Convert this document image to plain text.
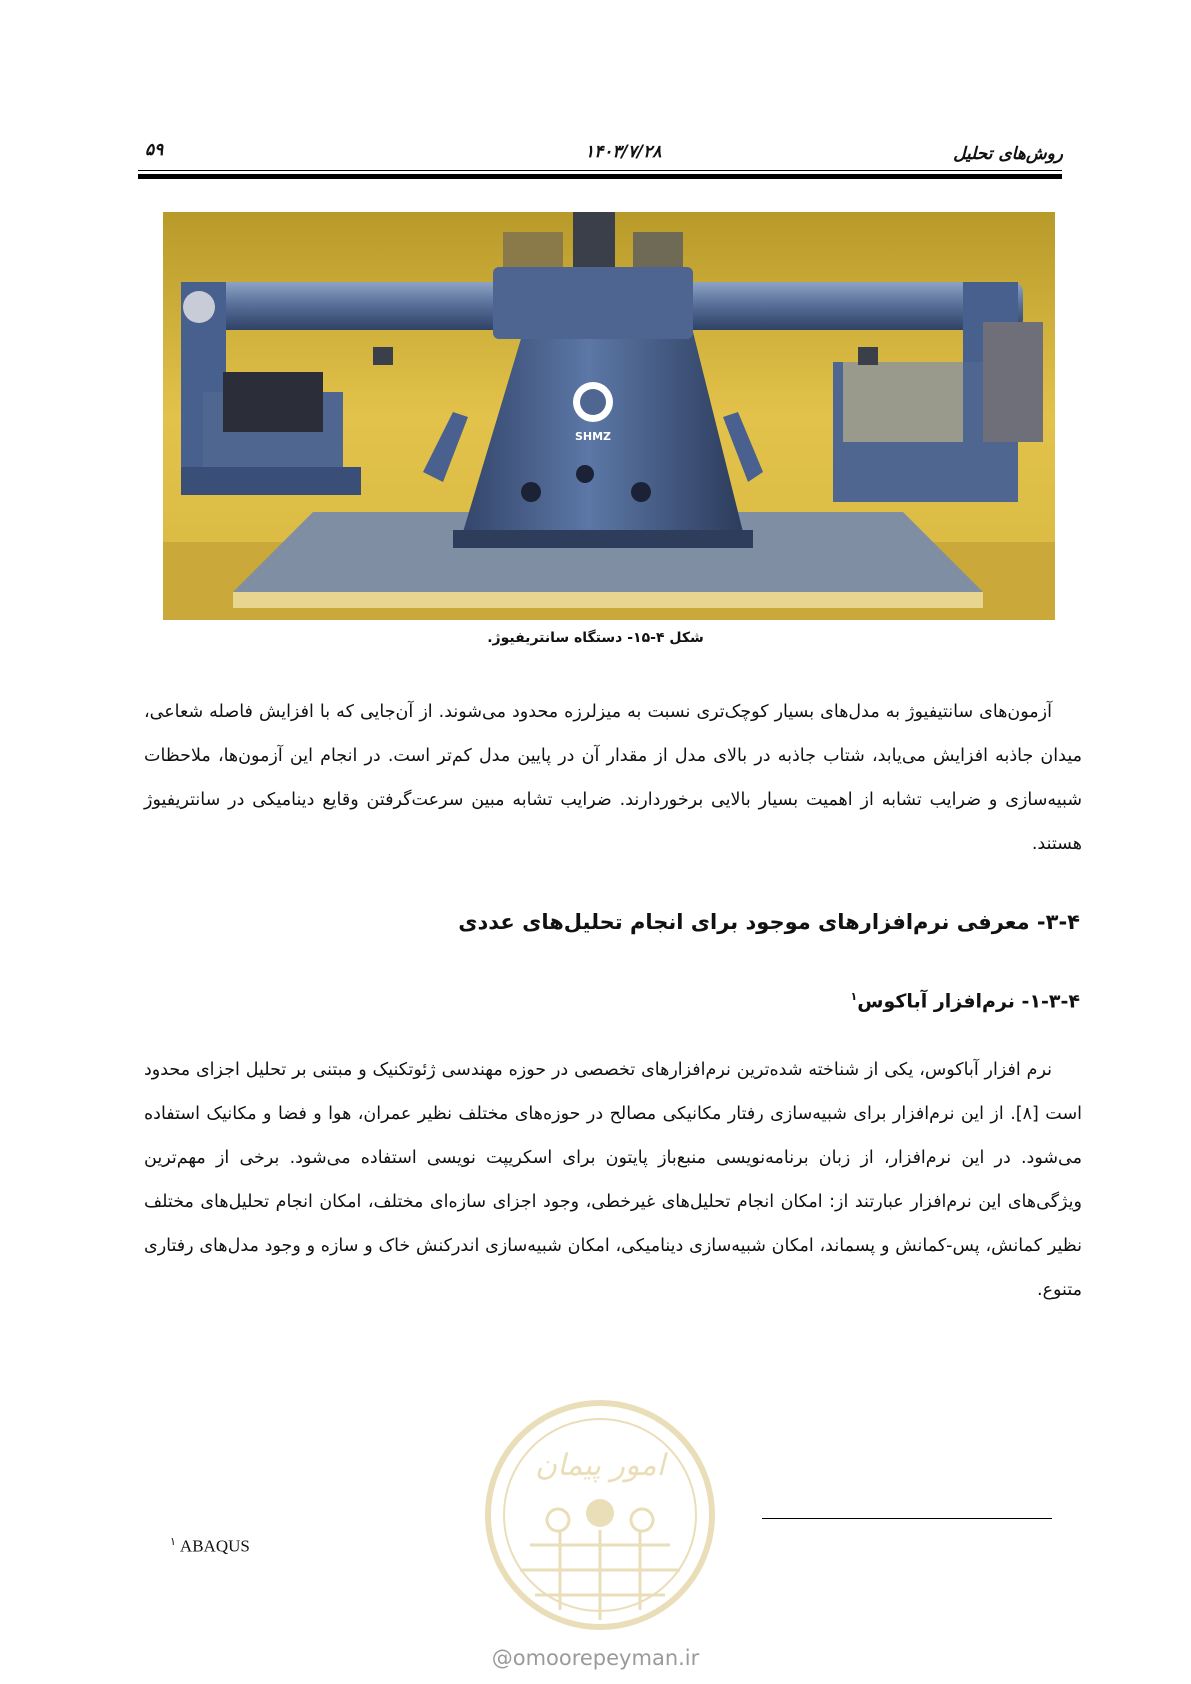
روش‌های تحلیل
۱۴۰۳/۷/۲۸
۵۹
SHMZ
شکل ۴-۱۵- دستگاه سانتریفیوژ.
آزمون‌های سانتیفیوژ به مدل‌های بسیار کوچک‌تری نسبت به میزلرزه محدود می‌شوند. از آن‌جایی که با افزایش فاصله شعاعی، میدان جاذبه افزایش می‌یابد، شتاب جاذبه در بالای مدل از مقدار آن در پایین مدل کم‌تر است. در انجام این آزمون‌ها، ملاحظات شبیه‌سازی و ضرایب تشابه از اهمیت بسیار بالایی برخوردارند. ضرایب تشابه مبین سرعت‌گرفتن وقایع دینامیکی در سانتریفیوژ هستند.
۳-۴- معرفی نرم‌افزارهای موجود برای انجام تحلیل‌های عددی
۱-۳-۴- نرم‌افزار آباکوس$^۱$
نرم افزار آباکوس، یکی از شناخته شده‌ترین نرم‌افزارهای تخصصی در حوزه مهندسی ژئوتکنیک و مبتنی بر تحلیل اجزای محدود است [۸]. از این نرم‌افزار برای شبیه‌سازی رفتار مکانیکی مصالح در حوزه‌های مختلف نظیر عمران، هوا و فضا و مکانیک استفاده می‌شود. در این نرم‌افزار، از زبان برنامه‌نویسی منبع‌باز پایتون برای اسکریپت نویسی استفاده می‌شود. برخی از مهم‌ترین ویژگی‌های این نرم‌افزار عبارتند از: امکان انجام تحلیل‌های غیرخطی، وجود اجزای سازه‌ای مختلف، امکان انجام تحلیل‌های مختلف نظیر کمانش، پس-کمانش و پسماند، امکان شبیه‌سازی دینامیکی، امکان شبیه‌سازی اندرکنش خاک و سازه و وجود مدل‌های رفتاری متنوع.
$^۱$ ABAQUS
امور پیمان
@omoorepeyman.ir
